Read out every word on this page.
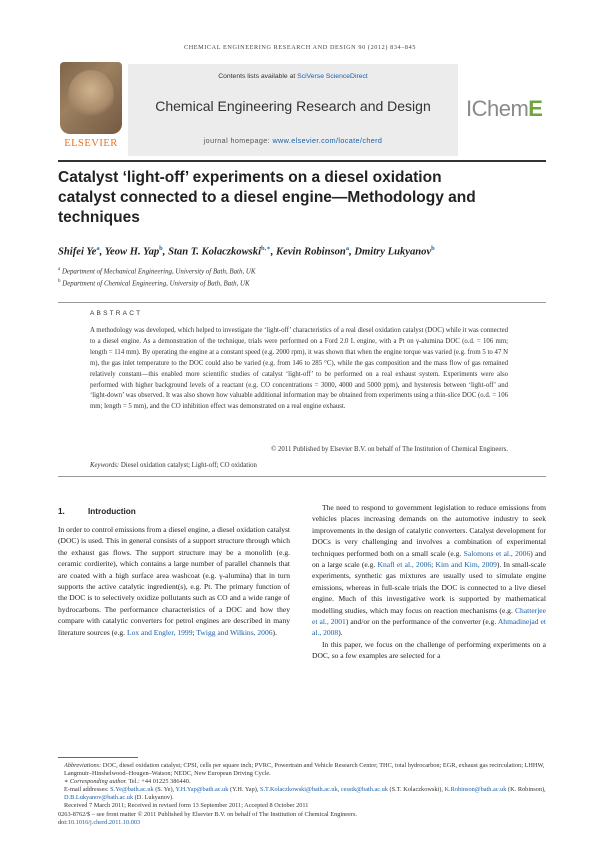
CHEMICAL ENGINEERING RESEARCH AND DESIGN 90 (2012) 834–845
ELSEVIER
Contents lists available at SciVerse ScienceDirect
Chemical Engineering Research and Design
journal homepage: www.elsevier.com/locate/cherd
IChemE
Catalyst ‘light-off’ experiments on a diesel oxidation catalyst connected to a diesel engine—Methodology and techniques
Shifei Ye$^a$, Yeow H. Yap$^b$, Stan T. Kolaczkowski$^{b,∗}$, Kevin Robinson$^a$, Dmitry Lukyanov$^b$
$^a$ Department of Mechanical Engineering, University of Bath, Bath, UK
$^b$ Department of Chemical Engineering, University of Bath, Bath, UK
ABSTRACT
A methodology was developed, which helped to investigate the ‘light-off’ characteristics of a real diesel oxidation catalyst (DOC) while it was connected to a diesel engine. As a demonstration of the technique, trials were performed on a Ford 2.0 L engine, with a Pt on γ-alumina DOC (o.d. = 106 mm; length = 114 mm). By operating the engine at a constant speed (e.g. 2000 rpm), it was shown that when the engine torque was varied (e.g. from 5 to 47 N m), the gas inlet temperature to the DOC could also be varied (e.g. from 146 to 285 °C), while the gas composition and the mass flow of gas remained relatively constant—this enabled more scientific studies of catalyst ‘light-off’ to be performed on a real exhaust system. Experiments were also performed with higher background levels of a reactant (e.g. CO concentrations = 3000, 4000 and 5000 ppm), and hysteresis between ‘light-off’ and ‘light-down’ was observed. It was also shown how valuable additional information may be obtained from experiments using a thin-slice DOC (o.d. = 106 mm; length = 5 mm), and the CO inhibition effect was demonstrated on a real engine exhaust.
© 2011 Published by Elsevier B.V. on behalf of The Institution of Chemical Engineers.
Keywords: Diesel oxidation catalyst; Light-off; CO oxidation
1.	Introduction

In order to control emissions from a diesel engine, a diesel oxidation catalyst (DOC) is used. This in general consists of a support structure through which the exhaust gas flows. The support structure may be a monolith (e.g. ceramic cordierite), which contains a large number of parallel channels that are coated with a high surface area washcoat (e.g. γ-alumina) that in turn supports the active catalytic ingredient(s), e.g. Pt. The primary function of the DOC is to selectively oxidize pollutants such as CO and a wide range of hydrocarbons. The performance characteristics of a DOC and how they compare with catalytic converters for petrol engines are described in many literature sources (e.g. Lox and Engler, 1999; Twigg and Wilkins, 2006).

The need to respond to government legislation to reduce emissions from vehicles places increasing demands on the automotive industry to seek improvements in the design of catalytic converters. Catalyst development for DOCs is very challenging and involves a combination of experimental techniques performed both on a small scale (e.g. Salomons et al., 2006) and on a large scale (e.g. Knafl et al., 2006; Kim and Kim, 2009). In small-scale experiments, synthetic gas mixtures are usually used to simulate engine emissions, whereas in full-scale trials the DOC is connected to a live diesel engine. Much of this investigative work is supported by mathematical modelling studies, which may focus on reaction mechanisms (e.g. Chatterjee et al., 2001) and/or on the performance of the converter (e.g. Ahmadinejad et al., 2008).

In this paper, we focus on the challenge of performing experiments on a DOC, so a few examples are selected for a

Abbreviations: DOC, diesel oxidation catalyst; CPSI, cells per square inch; PVRC, Powertrain and Vehicle Research Centre; THC, total hydrocarbon; EGR, exhaust gas recirculation; LHHW, Langmuir–Hinshelwood–Hougen–Watson; NEDC, New European Driving Cycle.
∗ Corresponding author. Tel.: +44 01225 386440.
E-mail addresses: S.Ye@bath.ac.uk (S. Ye), Y.H.Yap@bath.ac.uk (Y.H. Yap), S.T.Kolaczkowski@bath.ac.uk, cesstk@bath.ac.uk (S.T. Kolaczkowski), K.Robinson@bath.ac.uk (K. Robinson), D.B.Lukyanov@bath.ac.uk (D. Lukyanov).
Received 7 March 2011; Received in revised form 13 September 2011; Accepted 8 October 2011
0263-8762/$ – see front matter © 2011 Published by Elsevier B.V. on behalf of The Institution of Chemical Engineers.
doi:10.1016/j.cherd.2011.10.003
